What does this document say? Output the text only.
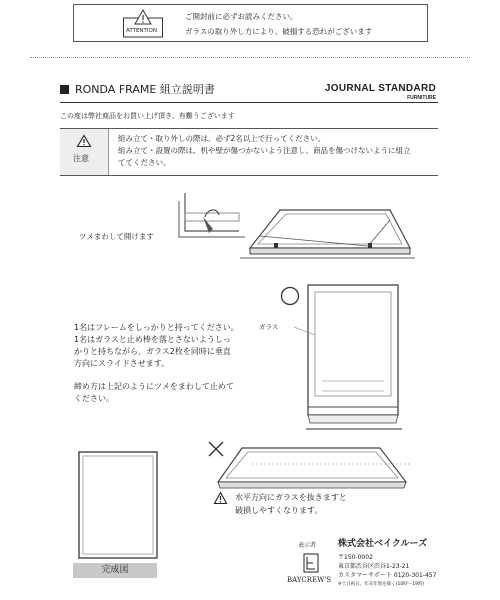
ATTENTION
ご開封前に必ずお読みください。
ガラスの取り外し方により、破損する恐れがございます
RONDA FRAME 組立説明書	JOURNAL STANDARD
FURNITURE
この度は弊社商品をお買い上げ頂き、有難うございます
注意
組み立て・取り外しの際は、必ず2名以上で行ってください。
組み立て・設置の際は、机や壁が傷つかないよう注意し、商品を傷つけないように組立
ててください。
ツメまわして開けます
ガラス
1名はフレームをしっかりと持ってください。
1名はガラスと止め棒を落とさないようしっ
かりと持ちながら、ガラス2枚を同時に垂直
方向にスライドさせます。
締め方は上記のようにツメをまわして止めて
ください。
水平方向にガラスを抜きますと
破損しやすくなります。
完成図
表示者 株式会社ベイクルーズ
BAYCREW'S
〒150-0002
東京都渋谷区渋谷1-23-21
カスタマーサポート 0120-301-457
※土日祝日、年末年始を除く(10時〜19時)
